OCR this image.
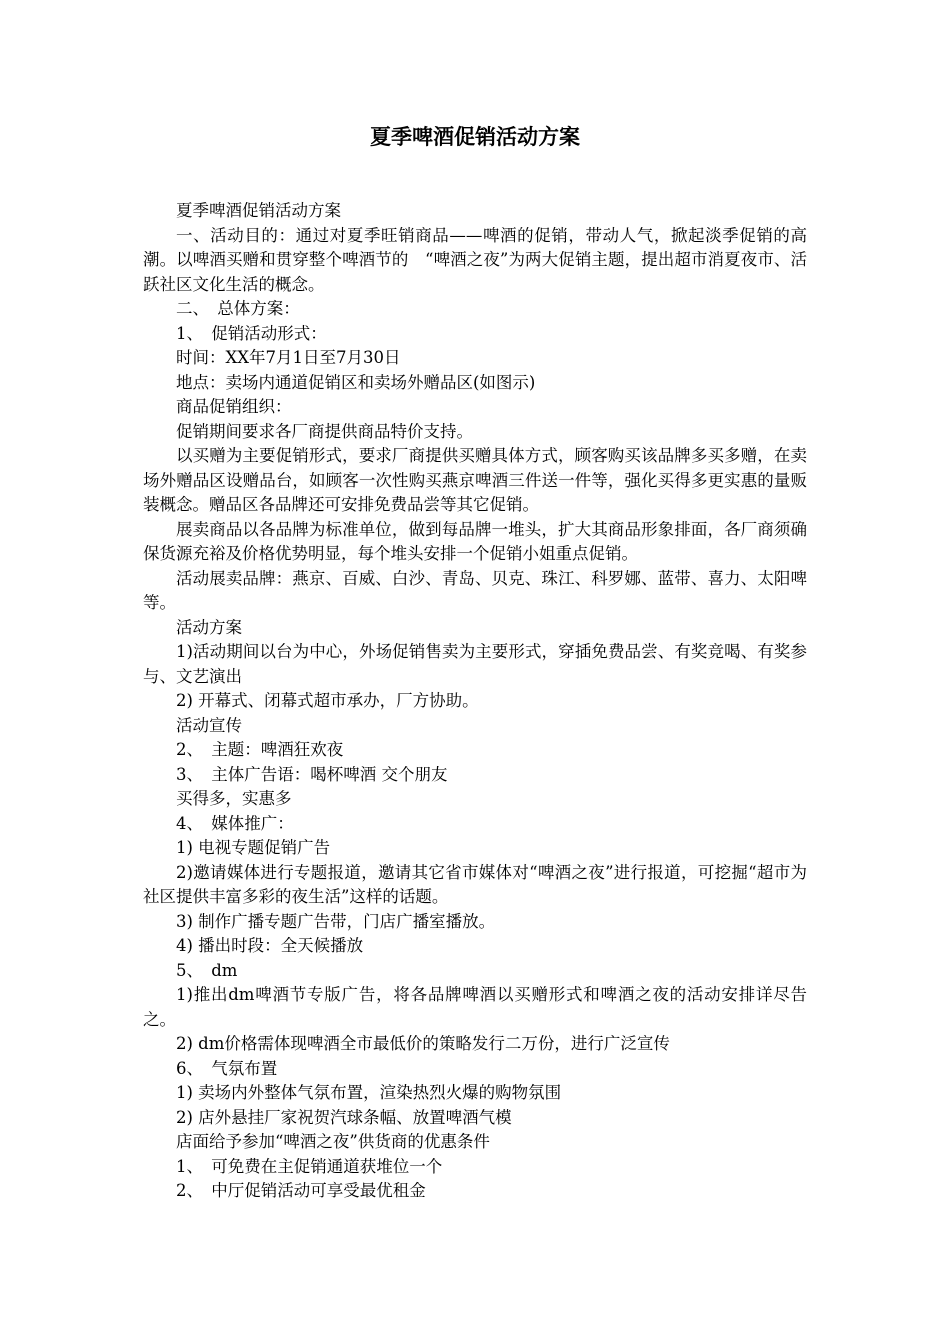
夏季啤酒促销活动方案

夏季啤酒促销活动方案

一、活动目的：通过对夏季旺销商品——啤酒的促销，带动人气，掀起淡季促销的高潮。以啤酒买赠和贯穿整个啤酒节的　“啤酒之夜”为两大促销主题，提出超市消夏夜市、活跃社区文化生活的概念。

二、　总体方案：

1、　促销活动形式：

时间：XX年7月1日至7月30日

地点：卖场内通道促销区和卖场外赠品区(如图示)

商品促销组织：

促销期间要求各厂商提供商品特价支持。

以买赠为主要促销形式，要求厂商提供买赠具体方式，顾客购买该品牌多买多赠，在卖场外赠品区设赠品台，如顾客一次性购买燕京啤酒三件送一件等，强化买得多更实惠的量贩装概念。赠品区各品牌还可安排免费品尝等其它促销。

展卖商品以各品牌为标准单位，做到每品牌一堆头，扩大其商品形象排面，各厂商须确保货源充裕及价格优势明显，每个堆头安排一个促销小姐重点促销。

活动展卖品牌：燕京、百威、白沙、青岛、贝克、珠江、科罗娜、蓝带、喜力、太阳啤等。

活动方案

1)活动期间以台为中心，外场促销售卖为主要形式，穿插免费品尝、有奖竞喝、有奖参与、文艺演出

2) 开幕式、闭幕式超市承办，厂方协助。

活动宣传

2、　主题：啤酒狂欢夜

3、　主体广告语：喝杯啤酒 交个朋友

买得多，实惠多

4、　媒体推广：

1) 电视专题促销广告

2)邀请媒体进行专题报道，邀请其它省市媒体对“啤酒之夜”进行报道，可挖掘“超市为社区提供丰富多彩的夜生活”这样的话题。

3) 制作广播专题广告带，门店广播室播放。

4) 播出时段：全天候播放

5、　dm

1)推出dm啤酒节专版广告，将各品牌啤酒以买赠形式和啤酒之夜的活动安排详尽告之。

2) dm价格需体现啤酒全市最低价的策略发行二万份，进行广泛宣传

6、　气氛布置

1) 卖场内外整体气氛布置，渲染热烈火爆的购物氛围

2) 店外悬挂厂家祝贺汽球条幅、放置啤酒气模

店面给予参加“啤酒之夜”供货商的优惠条件

1、　可免费在主促销通道获堆位一个

2、　中厅促销活动可享受最优租金
